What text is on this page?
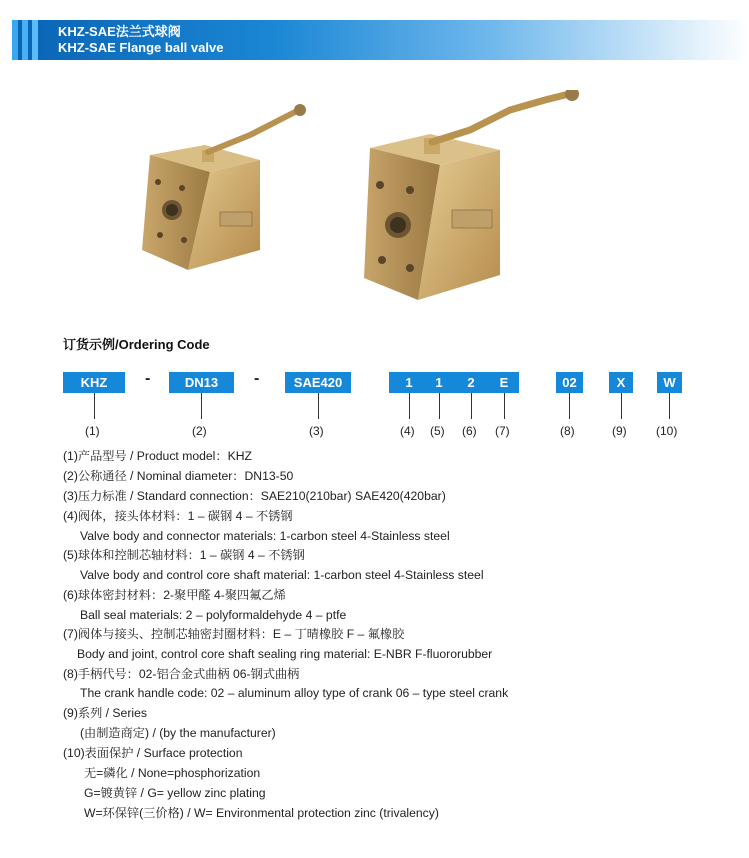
KHZ-SAE法兰式球阀
KHZ-SAE Flange ball valve
订货示例/Ordering Code
KHZ	-	DN13	-	SAE420	1	1	2	E	02	X	W
(1)	(2)	(3)	(4) (5) (6) (7)	(8)	(9) (10)
(1)产品型号 / Product model：KHZ
(2)公称通径 / Nominal diameter：DN13-50
(3)压力标准 / Standard connection：SAE210(210bar) SAE420(420bar)
(4)阀体，接头体材料：1 – 碳钢 4 – 不锈钢
Valve body and connector materials: 1-carbon steel 4-Stainless steel
(5)球体和控制芯轴材料：1 – 碳钢 4 – 不锈钢
Valve body and control core shaft material: 1-carbon steel 4-Stainless steel
(6)球体密封材料：2-聚甲醛 4-聚四氟乙烯
Ball seal materials: 2 – polyformaldehyde 4 – ptfe
(7)阀体与接头、控制芯轴密封圈材料：E – 丁晴橡胶 F – 氟橡胶
Body and joint, control core shaft sealing ring material: E-NBR F-fluororubber
(8)手柄代号：02-铝合金式曲柄 06-钢式曲柄
The crank handle code: 02 – aluminum alloy type of crank 06 – type steel crank
(9)系列 / Series
(由制造商定) / (by the manufacturer)
(10)表面保护 / Surface protection
无=磷化 / None=phosphorization
G=镀黄锌 / G= yellow zinc plating
W=环保锌(三价格) / W= Environmental protection zinc (trivalency)
